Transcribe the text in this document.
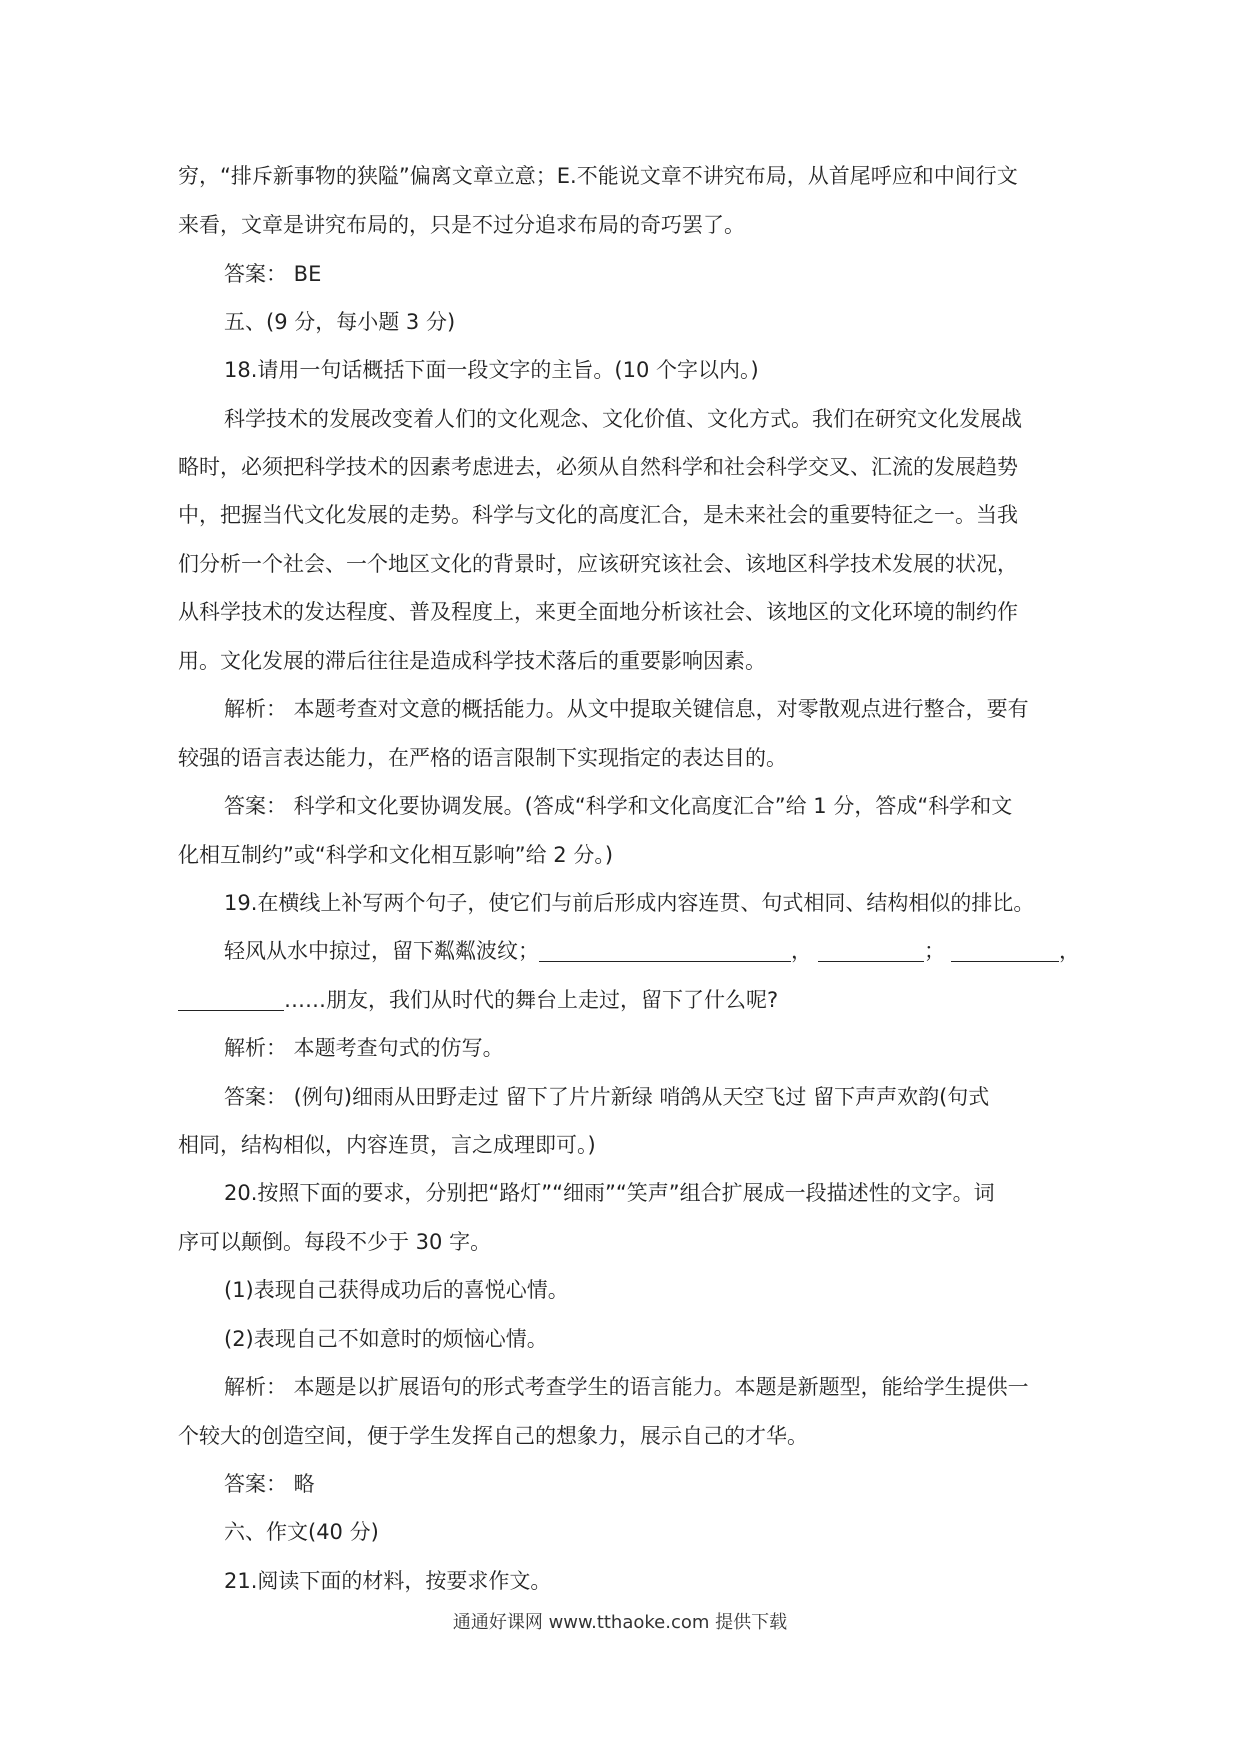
穷，“排斥新事物的狭隘”偏离文章立意；E.不能说文章不讲究布局，从首尾呼应和中间行文
来看，文章是讲究布局的，只是不过分追求布局的奇巧罢了。
答案： BE
五、(9 分，每小题 3 分)
18.请用一句话概括下面一段文字的主旨。(10 个字以内。)
科学技术的发展改变着人们的文化观念、文化价值、文化方式。我们在研究文化发展战
略时，必须把科学技术的因素考虑进去，必须从自然科学和社会科学交叉、汇流的发展趋势
中，把握当代文化发展的走势。科学与文化的高度汇合，是未来社会的重要特征之一。当我
们分析一个社会、一个地区文化的背景时，应该研究该社会、该地区科学技术发展的状况，
从科学技术的发达程度、普及程度上，来更全面地分析该社会、该地区的文化环境的制约作
用。文化发展的滞后往往是造成科学技术落后的重要影响因素。
解析： 本题考查对文意的概括能力。从文中提取关键信息，对零散观点进行整合，要有
较强的语言表达能力，在严格的语言限制下实现指定的表达目的。
答案： 科学和文化要协调发展。(答成“科学和文化高度汇合”给 1 分，答成“科学和文
化相互制约”或“科学和文化相互影响”给 2 分。)
19.在横线上补写两个句子，使它们与前后形成内容连贯、句式相同、结构相似的排比。
轻风从水中掠过，留下粼粼波纹；	，	；	，
……朋友，我们从时代的舞台上走过，留下了什么呢?
解析： 本题考查句式的仿写。
答案： (例句)细雨从田野走过 留下了片片新绿 哨鸽从天空飞过 留下声声欢韵(句式
相同，结构相似，内容连贯，言之成理即可。)
20.按照下面的要求，分别把“路灯”“细雨”“笑声”组合扩展成一段描述性的文字。词
序可以颠倒。每段不少于 30 字。
(1)表现自己获得成功后的喜悦心情。
(2)表现自己不如意时的烦恼心情。
解析： 本题是以扩展语句的形式考查学生的语言能力。本题是新题型，能给学生提供一
个较大的创造空间，便于学生发挥自己的想象力，展示自己的才华。
答案： 略
六、作文(40 分)
21.阅读下面的材料，按要求作文。
通通好课网 www.tthaoke.com 提供下载
